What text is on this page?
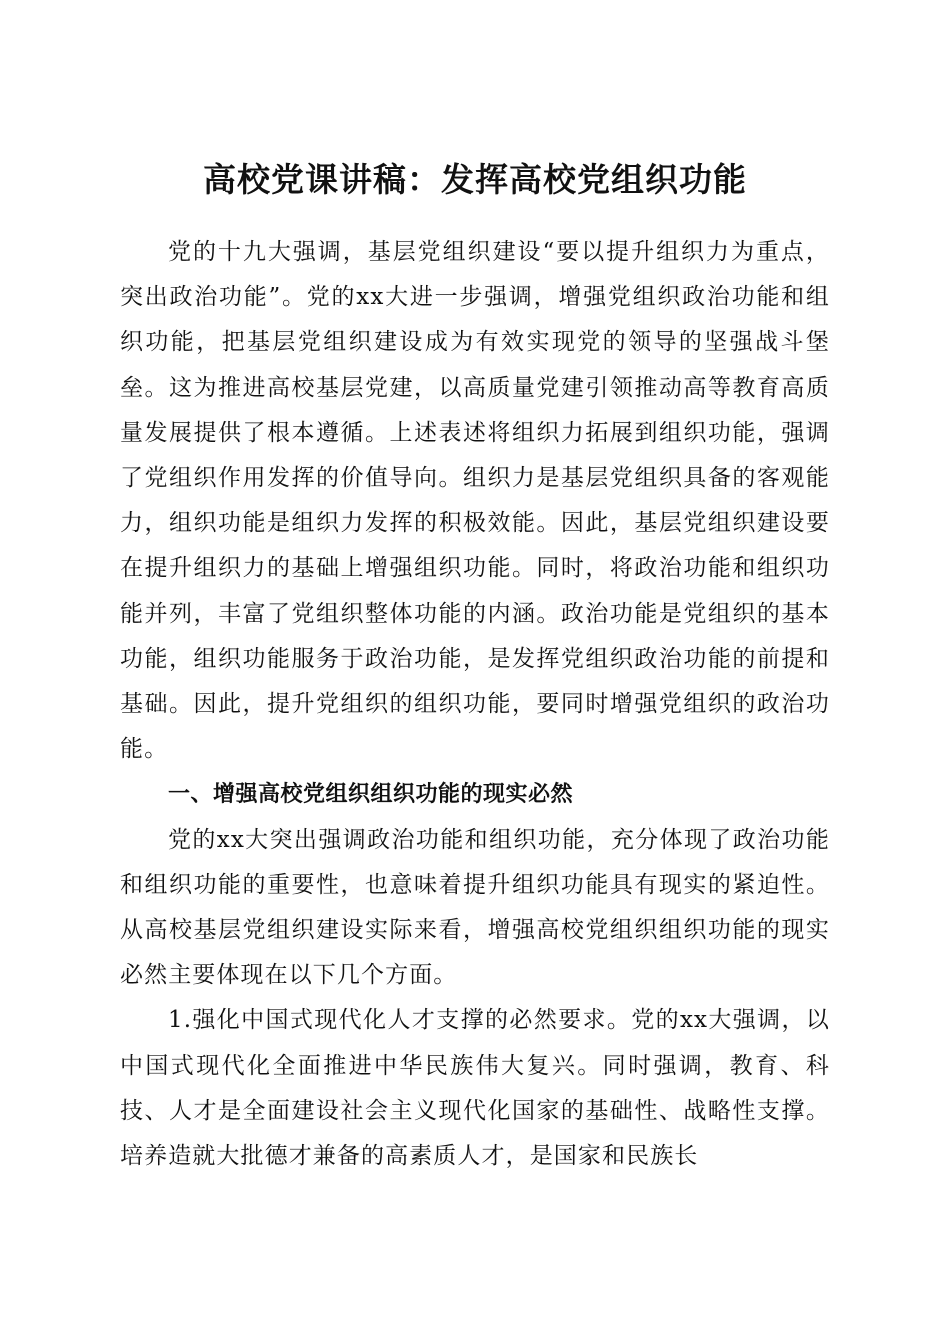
高校党课讲稿：发挥高校党组织功能

党的十九大强调，基层党组织建设“要以提升组织力为重点，突出政治功能”。党的xx大进一步强调，增强党组织政治功能和组织功能，把基层党组织建设成为有效实现党的领导的坚强战斗堡垒。这为推进高校基层党建，以高质量党建引领推动高等教育高质量发展提供了根本遵循。上述表述将组织力拓展到组织功能，强调了党组织作用发挥的价值导向。组织力是基层党组织具备的客观能力，组织功能是组织力发挥的积极效能。因此，基层党组织建设要在提升组织力的基础上增强组织功能。同时，将政治功能和组织功能并列，丰富了党组织整体功能的内涵。政治功能是党组织的基本功能，组织功能服务于政治功能，是发挥党组织政治功能的前提和基础。因此，提升党组织的组织功能，要同时增强党组织的政治功能。

一、增强高校党组织组织功能的现实必然

党的xx大突出强调政治功能和组织功能，充分体现了政治功能和组织功能的重要性，也意味着提升组织功能具有现实的紧迫性。从高校基层党组织建设实际来看，增强高校党组织组织功能的现实必然主要体现在以下几个方面。

1.强化中国式现代化人才支撑的必然要求。党的xx大强调，以中国式现代化全面推进中华民族伟大复兴。同时强调，教育、科技、人才是全面建设社会主义现代化国家的基础性、战略性支撑。培养造就大批德才兼备的高素质人才，是国家和民族长
